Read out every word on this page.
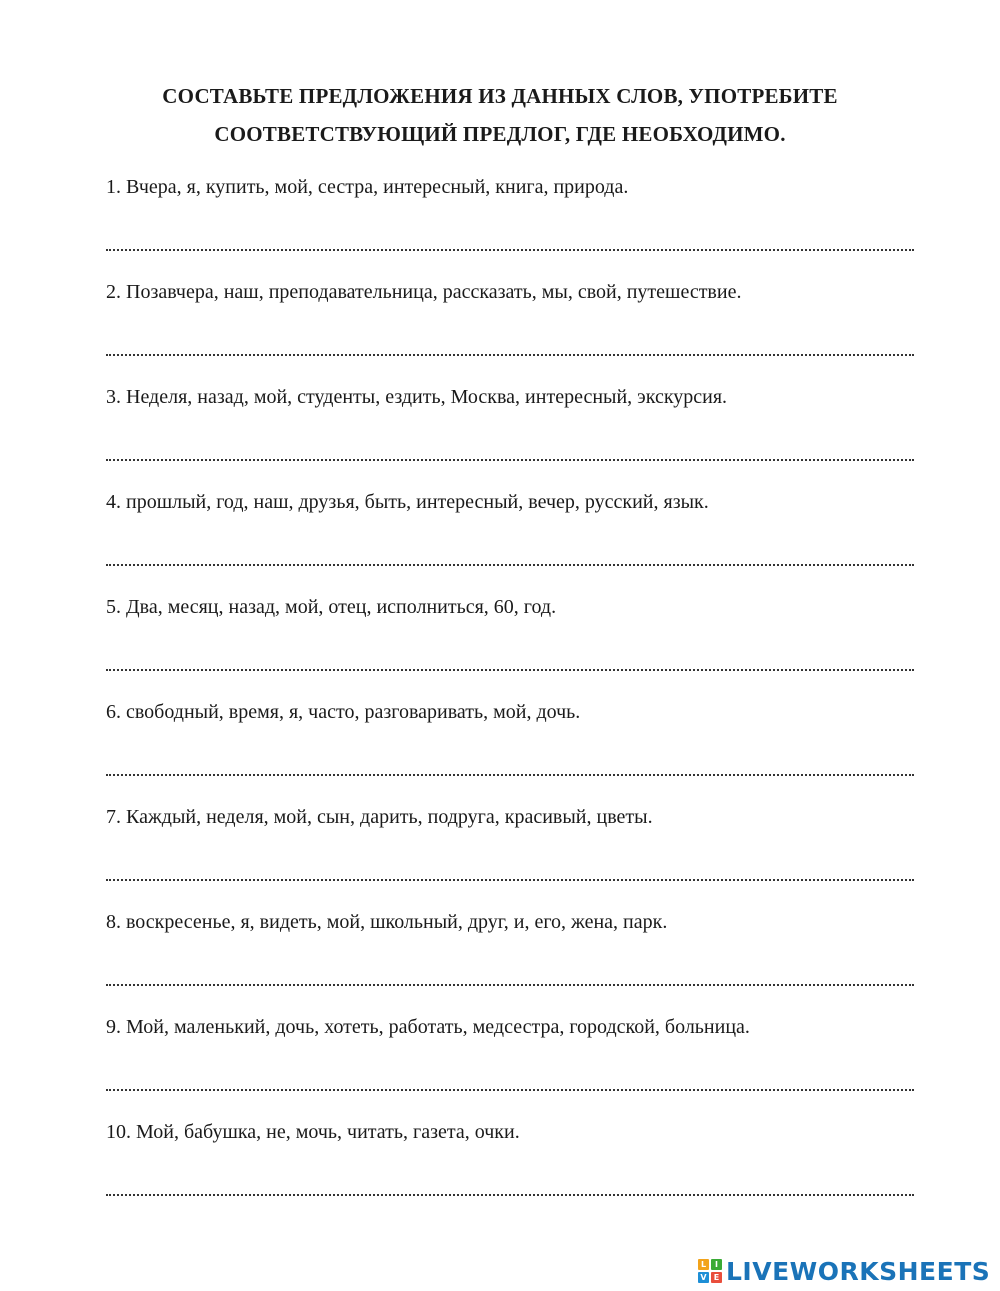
СОСТАВЬТЕ ПРЕДЛОЖЕНИЯ ИЗ ДАННЫХ СЛОВ, УПОТРЕБИТЕ
СООТВЕТСТВУЮЩИЙ ПРЕДЛОГ, ГДЕ НЕОБХОДИМО.
1. Вчера, я, купить, мой, сестра, интересный, книга, природа.
2. Позавчера, наш, преподавательница, рассказать, мы, свой, путешествие.
3. Неделя, назад, мой, студенты, ездить, Москва, интересный, экскурсия.
4. прошлый, год, наш, друзья, быть, интересный, вечер, русский, язык.
5. Два, месяц, назад, мой, отец, исполниться, 60, год.
6. свободный, время, я, часто, разговаривать, мой, дочь.
7. Каждый, неделя, мой, сын, дарить, подруга, красивый, цветы.
8. воскресенье, я, видеть, мой, школьный, друг, и, его, жена, парк.
9. Мой, маленький, дочь, хотеть, работать, медсестра, городской, больница.
10. Мой, бабушка, не, мочь, читать, газета, очки.
L	I
V E LIVEWORKSHEETS
